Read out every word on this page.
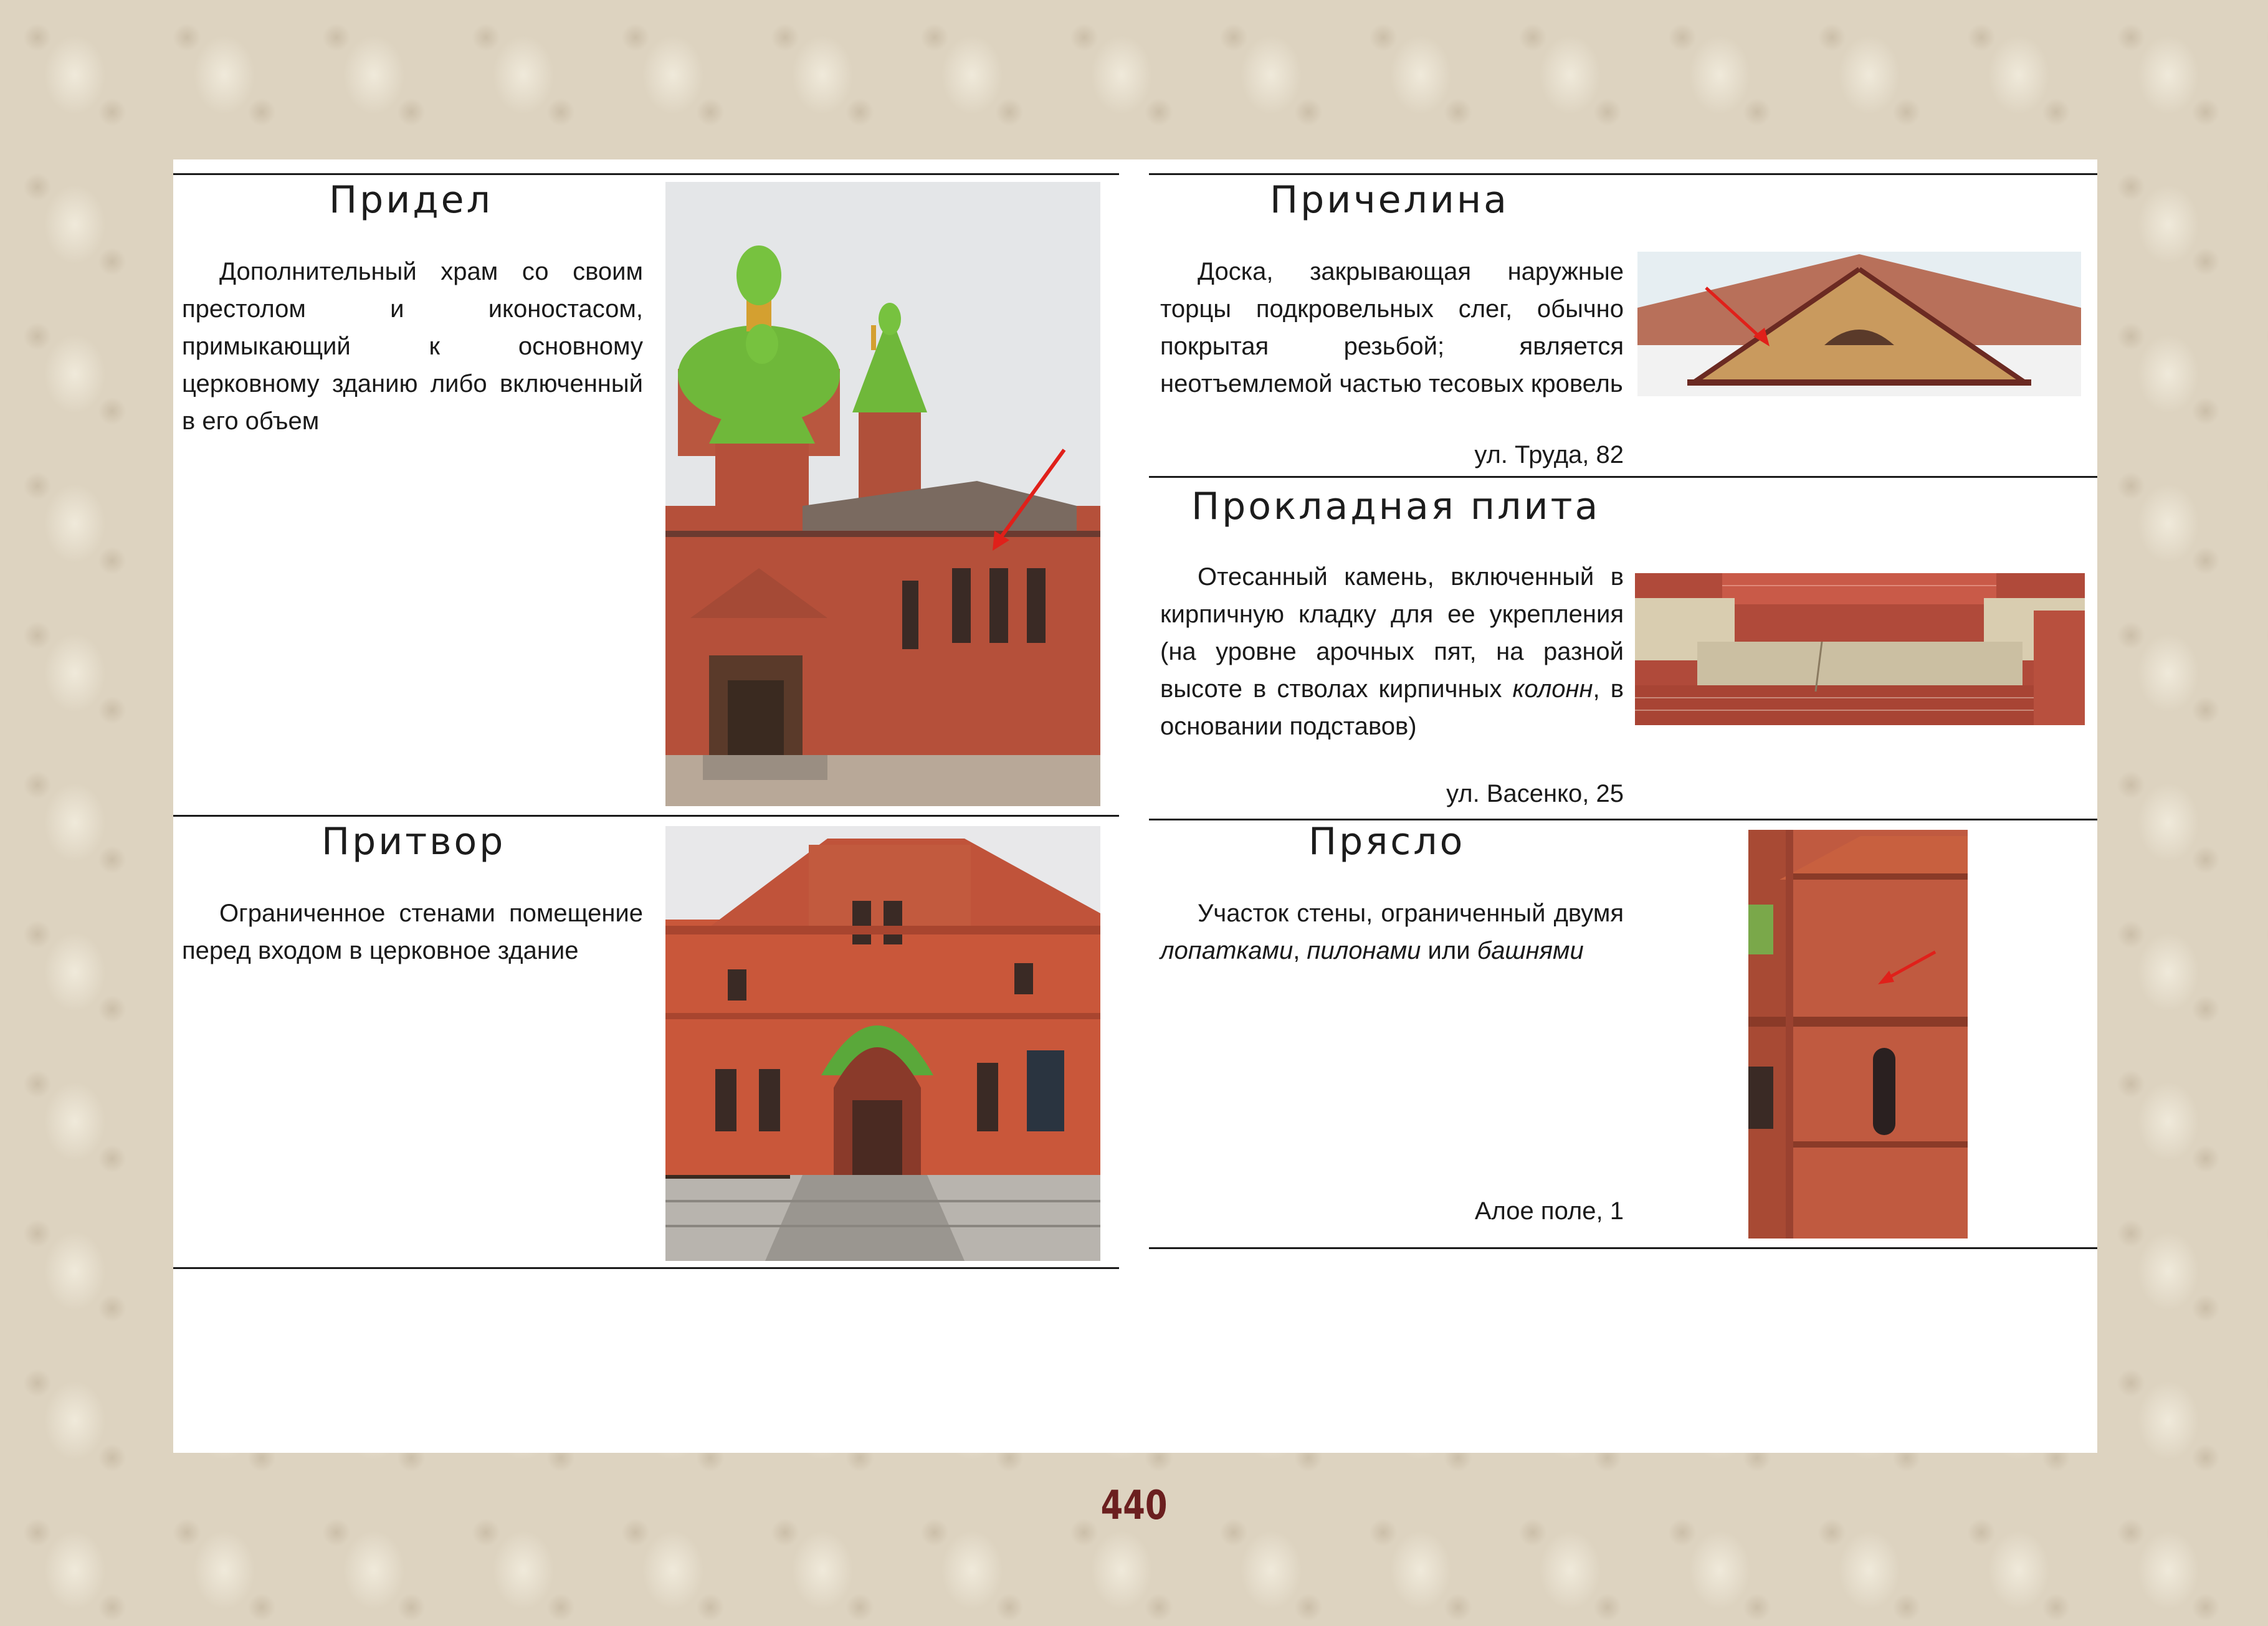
Придел
Дополнительный храм со своим престолом и иконостасом, примыкающий к основному церковному зданию либо включенный в его объем
Притвор
Ограниченное стенами помещение перед входом в церковное здание
Причелина
Доска, закрывающая наружные торцы подкровельных слег, обычно покрытая резьбой; является неотъемлемой частью тесовых кровель
ул. Труда, 82
Прокладная плита
Отесанный камень, включенный в кирпичную кладку для ее укрепления (на уровне арочных пят, на разной высоте в стволах кирпичных колонн, в основании подставов)
ул. Васенко, 25
Прясло
Участок стены, ограниченный двумя лопатками, пилонами или башнями
Алое поле, 1
440
